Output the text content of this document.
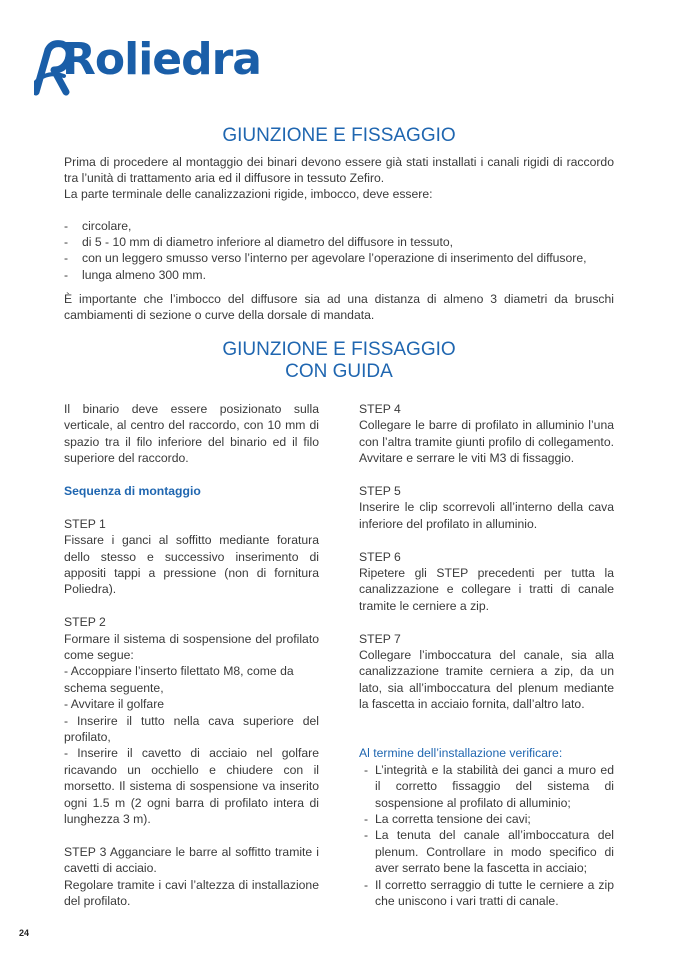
Roliedra
GIUNZIONE E FISSAGGIO

Prima di procedere al montaggio dei binari devono essere già stati installati i canali rigidi di raccordo tra l’unità di trattamento aria ed il diffusore in tessuto Zefiro.

La parte terminale delle canalizzazioni rigide, imbocco, deve essere:

- circolare,
- di 5 - 10 mm di diametro inferiore al diametro del diffusore in tessuto,
- con un leggero smusso verso l’interno per agevolare l’operazione di inserimento del diffusore,
- lunga almeno 300 mm.

È importante che l’imbocco del diffusore sia ad una distanza di almeno 3 diametri da bruschi cambiamenti di sezione o curve della dorsale di mandata.

GIUNZIONE E FISSAGGIO
CON GUIDA

Il binario deve essere posizionato sulla verticale, al centro del raccordo, con 10 mm di spazio tra il filo inferiore del binario ed il filo superiore del raccordo.

Sequenza di montaggio

STEP 1

Fissare i ganci al soffitto mediante foratura dello stesso e successivo inserimento di appositi tappi a pressione (non di fornitura Poliedra).

STEP 2

Formare il sistema di sospensione del profilato come segue:

- Accoppiare l’inserto filettato M8, come da schema seguente,

- Avvitare il golfare

- Inserire il tutto nella cava superiore del profilato,

- Inserire il cavetto di acciaio nel golfare ricavando un occhiello e chiudere con il morsetto. Il sistema di sospensione va inserito ogni 1.5 m (2 ogni barra di profilato intera di lunghezza 3 m).

STEP 3 Agganciare le barre al soffitto tramite i cavetti di acciaio.

Regolare tramite i cavi l’altezza di installazione del profilato.

STEP 4

Collegare le barre di profilato in alluminio l’una con l’altra tramite giunti profilo di collegamento. Avvitare e serrare le viti M3 di fissaggio.

STEP 5

Inserire le clip scorrevoli all’interno della cava inferiore del profilato in alluminio.

STEP 6

Ripetere gli STEP precedenti per tutta la canalizzazione e collegare i tratti di canale tramite le cerniere a zip.

STEP 7

Collegare l’imboccatura del canale, sia alla canalizzazione tramite cerniera a zip, da un lato, sia all’imboccatura del plenum mediante la fascetta in acciaio fornita, dall’altro lato.

Al termine dell’installazione verificare:

- L’integrità e la stabilità dei ganci a muro ed il corretto fissaggio del sistema di sospensione al profilato di alluminio;
- La corretta tensione dei cavi;
- La tenuta del canale all’imboccatura del plenum. Controllare in modo specifico di aver serrato bene la fascetta in acciaio;
- Il corretto serraggio di tutte le cerniere a zip che uniscono i vari tratti di canale.
24
